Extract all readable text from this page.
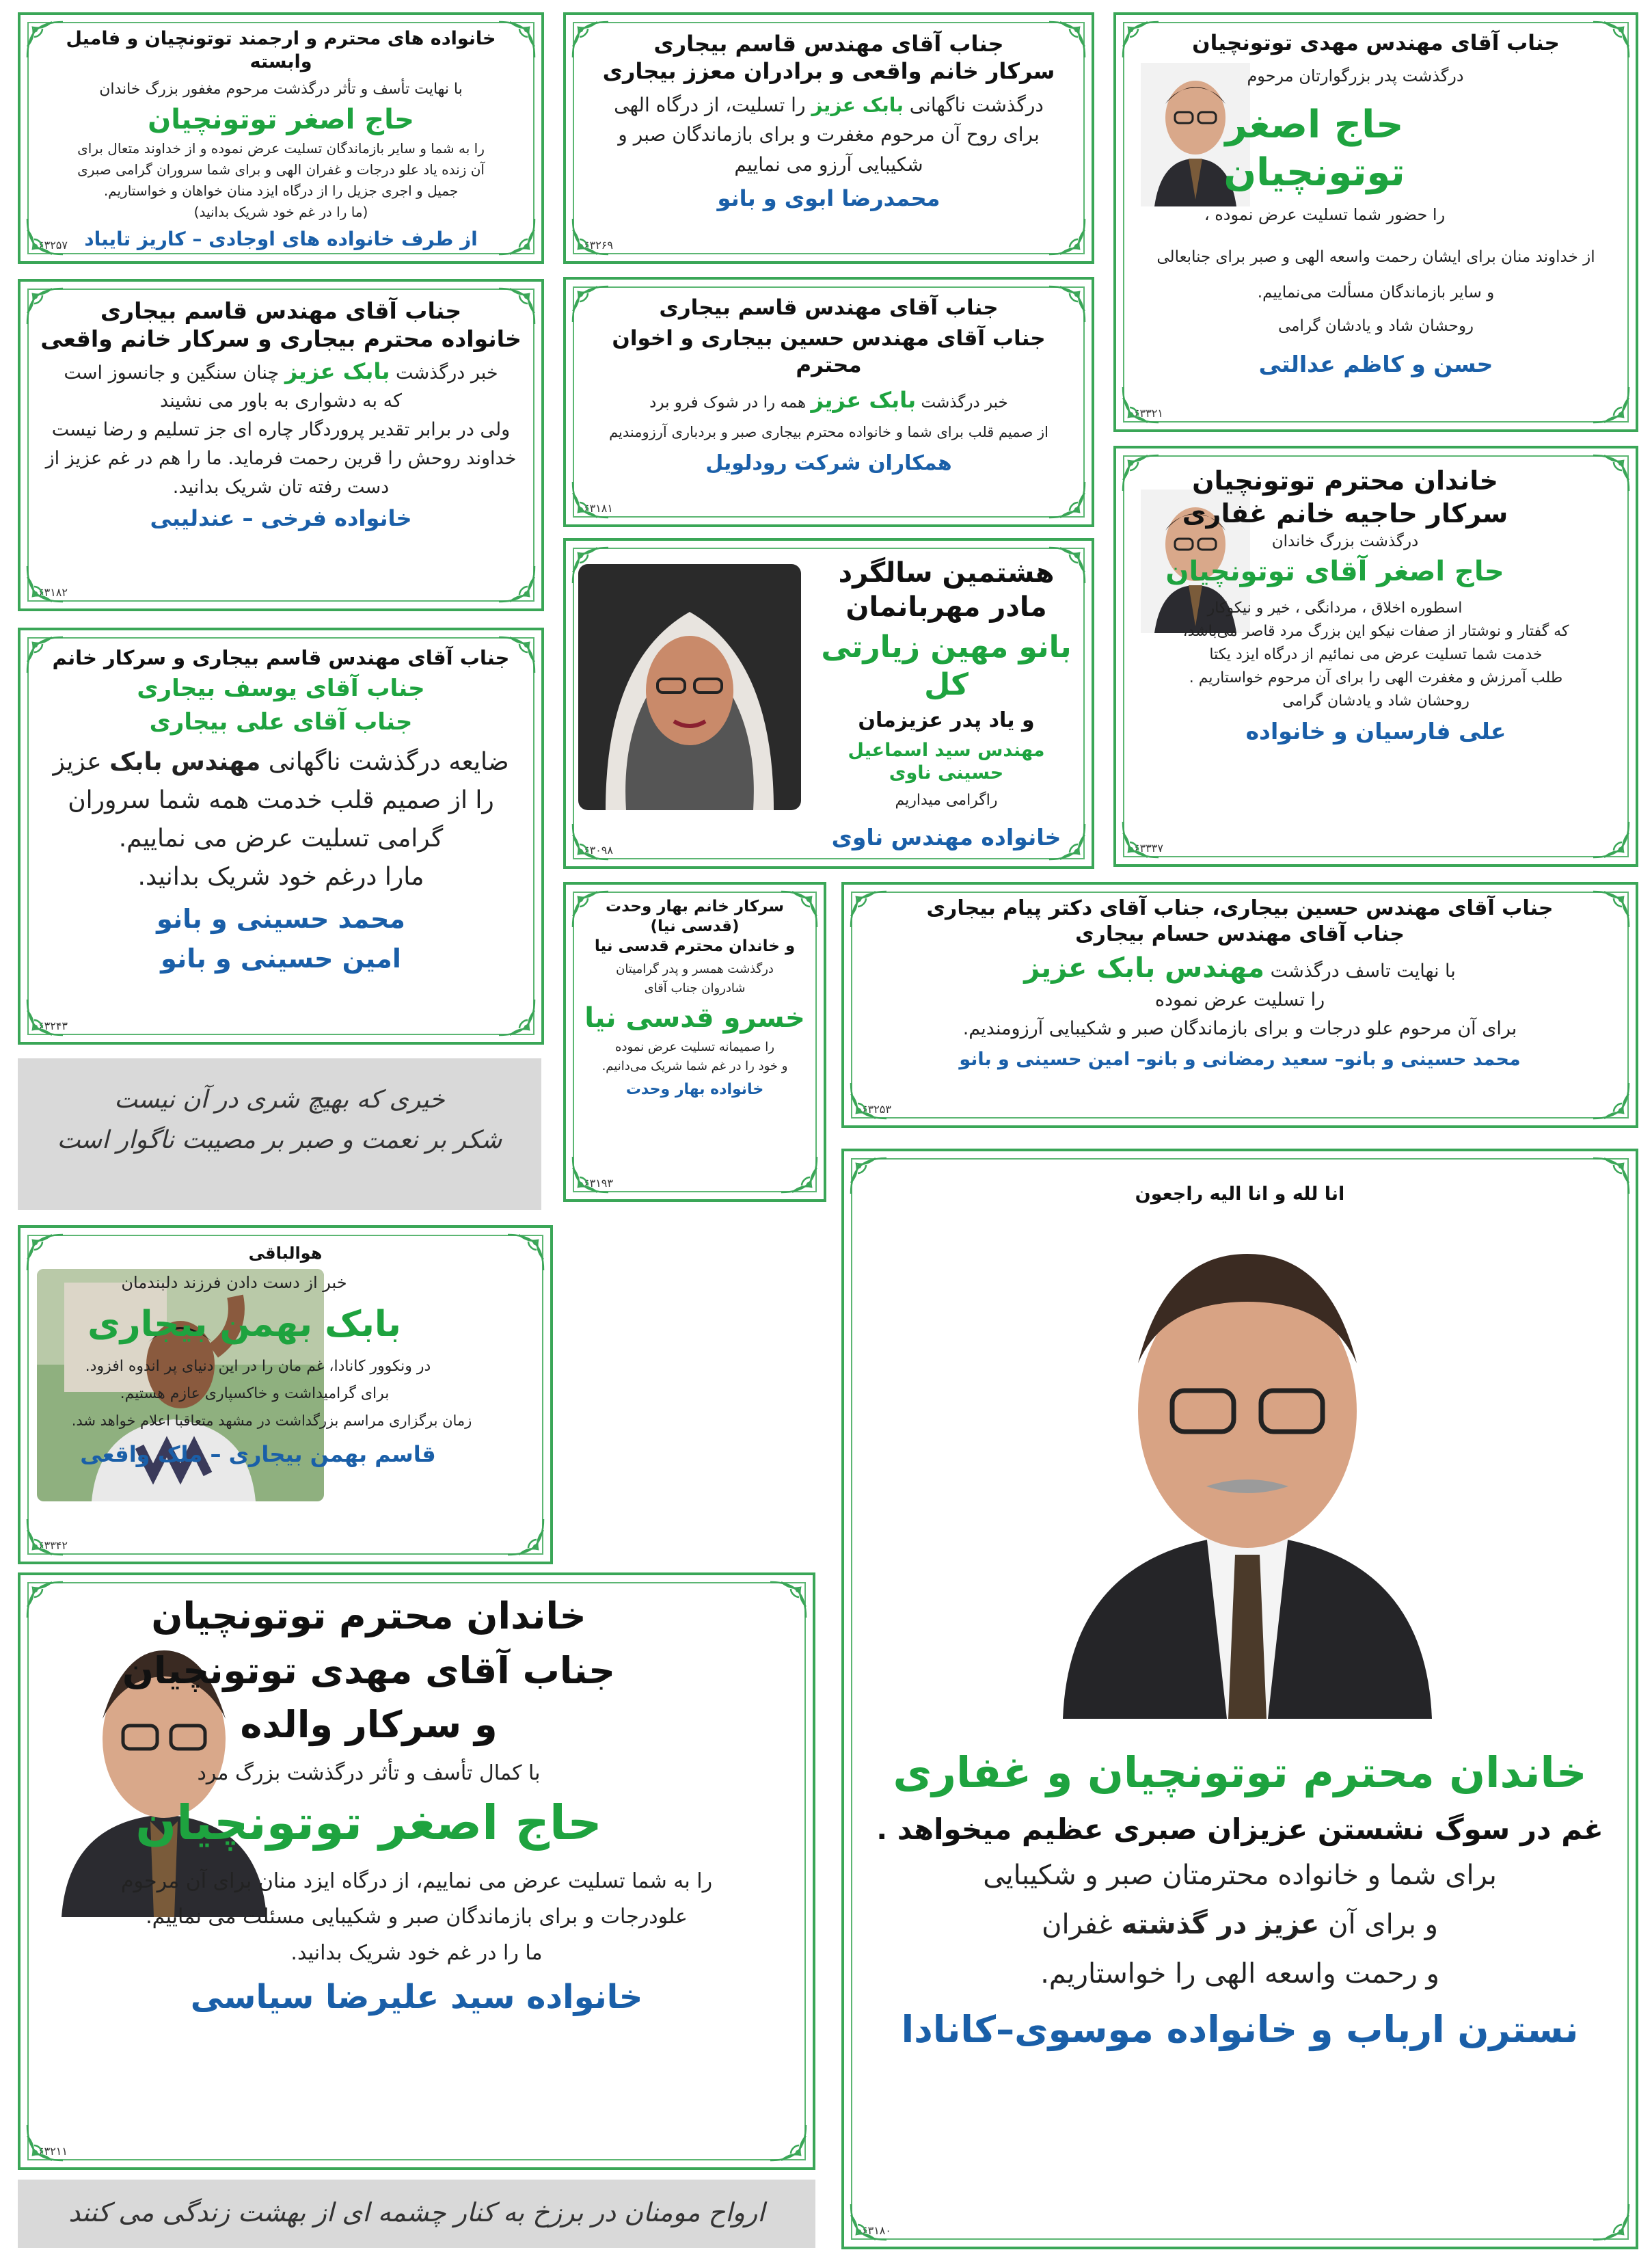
خانواده های محترم و ارجمند توتونچیان و فامیل وابسته
با نهایت تأسف و تأثر درگذشت مرحوم مغفور بزرگ خاندان
حاج اصغر توتونچیان
را به شما و سایر بازماندگان تسلیت عرض نموده و از خداوند متعال برای
آن زنده یاد علو درجات و غفران الهی و برای شما سروران گرامی صبری
جمیل و اجری جزیل را از درگاه ایزد منان خواهان و خواستاریم.
(ما را در غم خود شریک بدانید)
از طرف خانواده های اوجادی – کاریز تایباد
۶۳۲۵۷
جناب آقای مهندس قاسم بیجاری
سرکار خانم واقعی و برادران معزز بیجاری
درگذشت ناگهانی بابک عزیز را تسلیت، از درگاه الهی
برای روح آن مرحوم مغفرت و برای بازماندگان صبر و
شکیبایی آرزو می نماییم
محمدرضا ابوی و بانو
۶۳۲۶۹
جناب آقای مهندس مهدی توتونچیان
درگذشت پدر بزرگوارتان مرحوم
حاج اصغر توتونچیان
را حضور شما تسلیت عرض نموده ،
از خداوند منان برای ایشان رحمت واسعه الهی و صبر برای جنابعالی
و سایر بازماندگان مسألت می‌نماییم.
روحشان شاد و یادشان گرامی
حسن و کاظم عدالتی
۶۳۳۲۱
جناب آقای مهندس قاسم بیجاری
خانواده محترم بیجاری و سرکار خانم واقعی
خبر درگذشت بابک عزیز چنان سنگین و جانسوز است
که به دشواری به باور می نشیند
ولی در برابر تقدیر پروردگار چاره ای جز تسلیم و رضا نیست
خداوند روحش را قرین رحمت فرماید. ما را هم در غم عزیز از
دست رفته تان شریک بدانید.
خانواده فرخی – عندلیبی
۶۳۱۸۲
جناب آقای مهندس قاسم بیجاری
جناب آقای مهندس حسین بیجاری و اخوان محترم
خبر درگذشت بابک عزیز همه را در شوک فرو برد
از صمیم قلب برای شما و خانواده محترم بیجاری صبر و بردباری آرزومندیم
همکاران شرکت رودلویل
۶۳۱۸۱
خاندان محترم توتونچیان
سرکار حاجیه خانم غفاری
درگذشت بزرگ خاندان
حاج اصغر آقای توتونچیان
اسطوره اخلاق ، مردانگی ، خیر و نیکوکار
که گفتار و نوشتار از صفات نیکو این بزرگ مرد قاصر می‌باشد،
خدمت شما تسلیت عرض می نمائیم از درگاه ایزد یکتا
طلب آمرزش و مغفرت الهی را برای آن مرحوم خواستاریم .
روحشان شاد و یادشان گرامی
علی فارسیان و خانواده
۶۳۳۳۷
هشتمین سالگرد
مادر مهربانمان
بانو مهین زیارتی کل
و یاد پدر عزیزمان
مهندس سید اسماعیل حسینی ناوی
راگرامی میداریم
خانواده مهندس ناوی
۶۳۰۹۸
جناب آقای مهندس قاسم بیجاری و سرکار خانم
جناب آقای یوسف بیجاری
جناب آقای علی بیجاری
ضایعه درگذشت ناگهانی مهندس بابک عزیز
را از صمیم قلب خدمت همه شما سروران
گرامی تسلیت عرض می نماییم.
مارا درغم خود شریک بدانید.
محمد حسینی و بانو
امین حسینی و بانو
۶۳۲۴۳
سرکار خانم بهار وحدت
(قدسی نیا)
و خاندان محترم قدسی نیا
درگذشت همسر و پدر گرامیتان
شادروان جناب آقای
خسرو قدسی نیا
را صمیمانه تسلیت عرض نموده
و خود را در غم شما شریک می‌دانیم.
خانواده بهار وحدت
۶۳۱۹۳
جناب آقای مهندس حسین بیجاری، جناب آقای دکتر پیام بیجاری
جناب آقای مهندس حسام بیجاری
با نهایت تاسف درگذشت مهندس بابک عزیز
را تسلیت عرض نموده
برای آن مرحوم علو درجات و برای بازماندگان صبر و شکیبایی آرزومندیم.
محمد حسینی و بانو– سعید رمضانی و بانو– امین حسینی و بانو
۶۳۲۵۳
خیری که بهیچ شری در آن نیست
شکر بر نعمت و صبر بر مصیبت ناگوار است
انا لله و انا الیه راجعون
خاندان محترم توتونچیان و غفاری
غم در سوگ نشستن عزیزان صبری عظیم میخواهد .
برای شما و خانواده محترمتان صبر و شکیبایی
و برای آن عزیز در گذشته غفران
و رحمت واسعه الهی را خواستاریم.
نسترن ارباب و خانواده موسوی–کانادا
۶۳۱۸۰
هوالباقی
خبر از دست دادن فرزند دلبندمان
بابک بهمن بیجاری
در ونکوور کانادا، غم مان را در این دنیای پر اندوه افزود.
برای گرامیداشت و خاکسپاری عازم هستیم.
زمان برگزاری مراسم بزرگداشت در مشهد متعاقبا اعلام خواهد شد.
قاسم بهمن بیجاری – ملک واقعی
۶۳۳۴۲
خاندان محترم توتونچیان
جناب آقای مهدی توتونچیان
و سرکار والده
با کمال تأسف و تأثر درگذشت بزرگ مرد
حاج اصغر توتونچیان
را به شما تسلیت عرض می نماییم، از درگاه ایزد منان برای آن مرحوم
علودرجات و برای بازماندگان صبر و شکیبایی مسئلت می نماییم.
ما را در غم خود شریک بدانید.
خانواده سید علیرضا سیاسی
۶۳۲۱۱
ارواح مومنان در برزخ به کنار چشمه ای از بهشت زندگی می کنند
